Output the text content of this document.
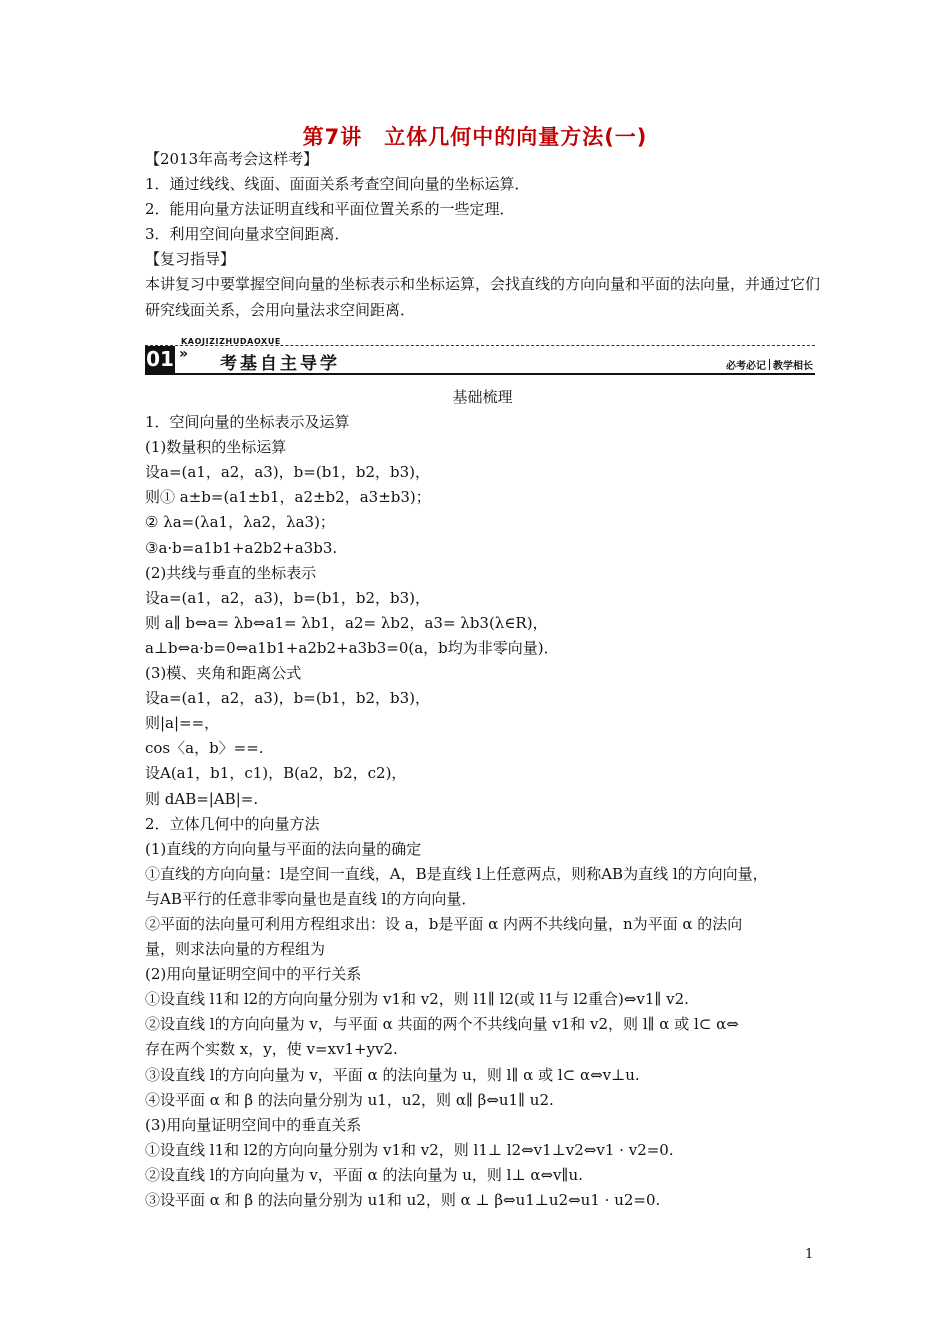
第7讲　立体几何中的向量方法(一)
【2013年高考会这样考】
1．通过线线、线面、面面关系考查空间向量的坐标运算．
2．能用向量方法证明直线和平面位置关系的一些定理．
3．利用空间向量求空间距离．
【复习指导】
本讲复习中要掌握空间向量的坐标表示和坐标运算，会找直线的方向向量和平面的法向量，并通过它们研究线面关系，会用向量法求空间距离．
KAOJIZIZHUDAOXUE
01 » 考基自主导学	必考必记 教学相长
基础梳理
1．空间向量的坐标表示及运算
(1)数量积的坐标运算
设a=(a1，a2，a3)，b=(b1，b2，b3)，
则① a±b=(a1±b1，a2±b2，a3±b3)；
② λa=(λa1，λa2，λa3)；
③a·b=a1b1+a2b2+a3b3.
(2)共线与垂直的坐标表示
设a=(a1，a2，a3)，b=(b1，b2，b3)，
则 a∥ b⇔a= λb⇔a1= λb1，a2= λb2，a3= λb3(λ∈R)，
a⊥b⇔a·b=0⇔a1b1+a2b2+a3b3=0(a，b均为非零向量)．
(3)模、夹角和距离公式
设a=(a1，a2，a3)，b=(b1，b2，b3)，
则|a|==，
cos〈a，b〉==.
设A(a1，b1，c1)，B(a2，b2，c2)，
则 dAB=|AB|=.
2．立体几何中的向量方法
(1)直线的方向向量与平面的法向量的确定
①直线的方向向量：l是空间一直线，A，B是直线 l上任意两点，则称AB为直线 l的方向向量，
与AB平行的任意非零向量也是直线 l的方向向量．
②平面的法向量可利用方程组求出：设 a，b是平面 α 内两不共线向量，n为平面 α 的法向
量，则求法向量的方程组为
(2)用向量证明空间中的平行关系
①设直线 l1和 l2的方向向量分别为 v1和 v2，则 l1∥ l2(或 l1与 l2重合)⇔v1∥ v2.
②设直线 l的方向向量为 v，与平面 α 共面的两个不共线向量 v1和 v2，则 l∥ α 或 l⊂ α⇔
存在两个实数 x，y，使 v=xv1+yv2.
③设直线 l的方向向量为 v，平面 α 的法向量为 u，则 l∥ α 或 l⊂ α⇔v⊥u.
④设平面 α 和 β 的法向量分别为 u1，u2，则 α∥ β⇔u1∥ u2.
(3)用向量证明空间中的垂直关系
①设直线 l1和 l2的方向向量分别为 v1和 v2，则 l1⊥ l2⇔v1⊥v2⇔v1 · v2=0.
②设直线 l的方向向量为 v，平面 α 的法向量为 u，则 l⊥ α⇔v∥u.
③设平面 α 和 β 的法向量分别为 u1和 u2，则 α ⊥ β⇔u1⊥u2⇔u1 · u2=0.
1
